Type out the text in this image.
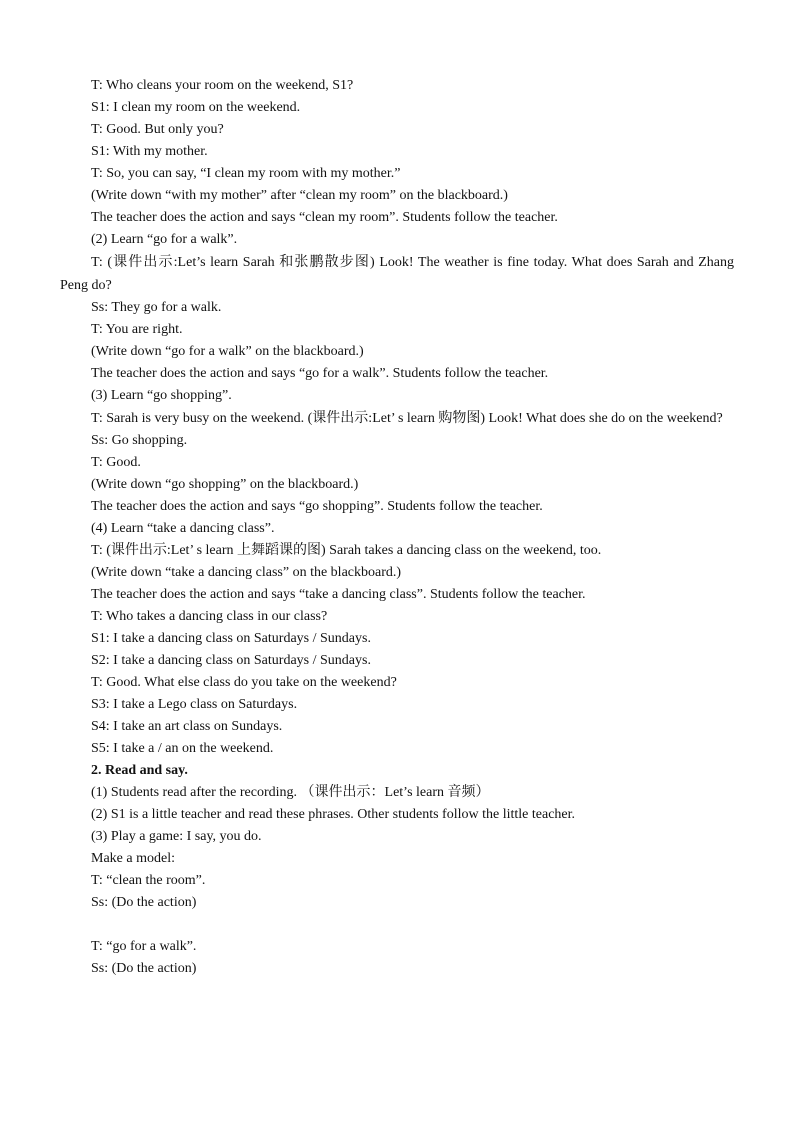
T: Who cleans your room on the weekend, S1?
S1: I clean my room on the weekend.
T: Good. But only you?
S1: With my mother.
T: So, you can say, “I clean my room with my mother.”
(Write down “with my mother” after “clean my room” on the blackboard.)
The teacher does the action and says “clean my room”. Students follow the teacher.
(2) Learn “go for a walk”.
T: (课件出示:Let’s learn Sarah 和张鹏散步图) Look! The weather is fine today. What does Sarah and Zhang Peng do?
Ss: They go for a walk.
T: You are right.
(Write down “go for a walk” on the blackboard.)
The teacher does the action and says “go for a walk”. Students follow the teacher.
(3) Learn “go shopping”.
T: Sarah is very busy on the weekend. (课件出示:Let’ s learn 购物图) Look! What does she do on the weekend?
Ss: Go shopping.
T: Good.
(Write down “go shopping” on the blackboard.)
The teacher does the action and says “go shopping”. Students follow the teacher.
(4) Learn “take a dancing class”.
T: (课件出示:Let’ s learn 上舞蹈课的图) Sarah takes a dancing class on the weekend, too.
(Write down “take a dancing class” on the blackboard.)
The teacher does the action and says “take a dancing class”. Students follow the teacher.
T: Who takes a dancing class in our class?
S1: I take a dancing class on Saturdays / Sundays.
S2: I take a dancing class on Saturdays / Sundays.
T: Good. What else class do you take on the weekend?
S3: I take a Lego class on Saturdays.
S4: I take an art class on Sundays.
S5: I take a / an on the weekend.
2. Read and say.
(1) Students read after the recording. （课件出示：Let’s learn 音频）
(2) S1 is a little teacher and read these phrases. Other students follow the little teacher.
(3) Play a game: I say, you do.
Make a model:
T: “clean the room”.
Ss: (Do the action)
T: “go for a walk”.
Ss: (Do the action)
